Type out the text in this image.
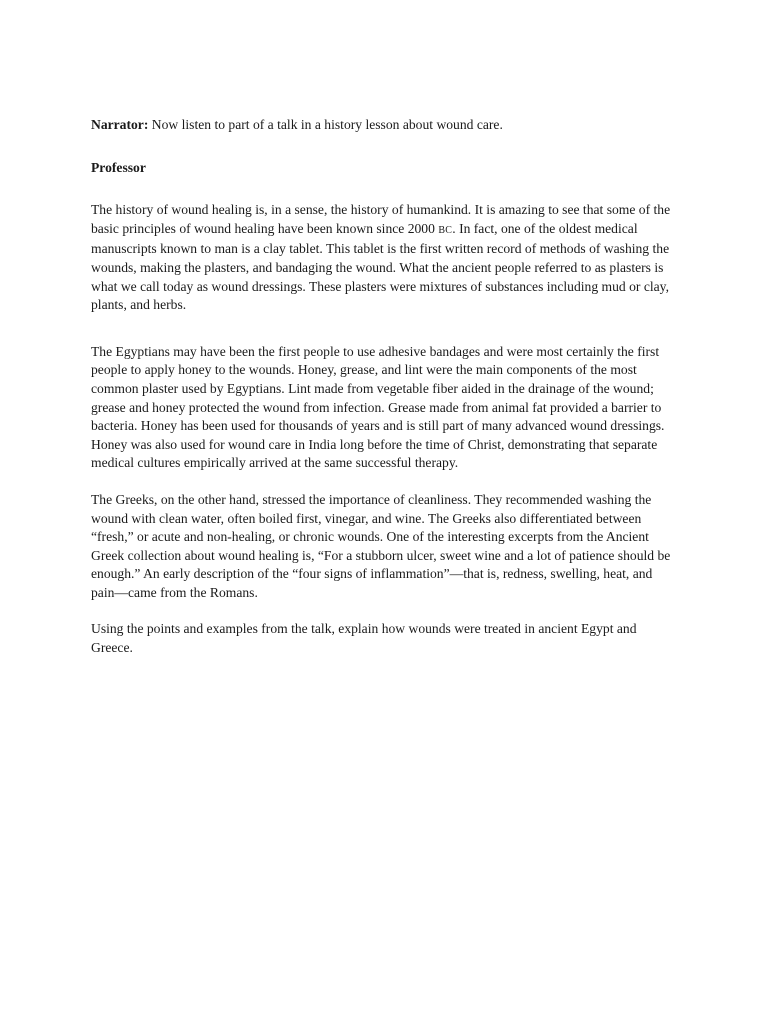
Narrator: Now listen to part of a talk in a history lesson about wound care.

Professor

The history of wound healing is, in a sense, the history of humankind. It is amazing to see that some of the basic principles of wound healing have been known since 2000 BC. In fact, one of the oldest medical manuscripts known to man is a clay tablet. This tablet is the first written record of methods of washing the wounds, making the plasters, and bandaging the wound. What the ancient people referred to as plasters is what we call today as wound dressings. These plasters were mixtures of substances including mud or clay, plants, and herbs.

The Egyptians may have been the first people to use adhesive bandages and were most certainly the first people to apply honey to the wounds. Honey, grease, and lint were the main components of the most common plaster used by Egyptians. Lint made from vegetable fiber aided in the drainage of the wound; grease and honey protected the wound from infection. Grease made from animal fat provided a barrier to bacteria. Honey has been used for thousands of years and is still part of many advanced wound dressings. Honey was also used for wound care in India long before the time of Christ, demonstrating that separate medical cultures empirically arrived at the same successful therapy.

The Greeks, on the other hand, stressed the importance of cleanliness. They recommended washing the wound with clean water, often boiled first, vinegar, and wine. The Greeks also differentiated between “fresh,” or acute and non-healing, or chronic wounds. One of the interesting excerpts from the Ancient Greek collection about wound healing is, “For a stubborn ulcer, sweet wine and a lot of patience should be enough.” An early description of the “four signs of inflammation”—that is, redness, swelling, heat, and pain—came from the Romans.

Using the points and examples from the talk, explain how wounds were treated in ancient Egypt and Greece.
